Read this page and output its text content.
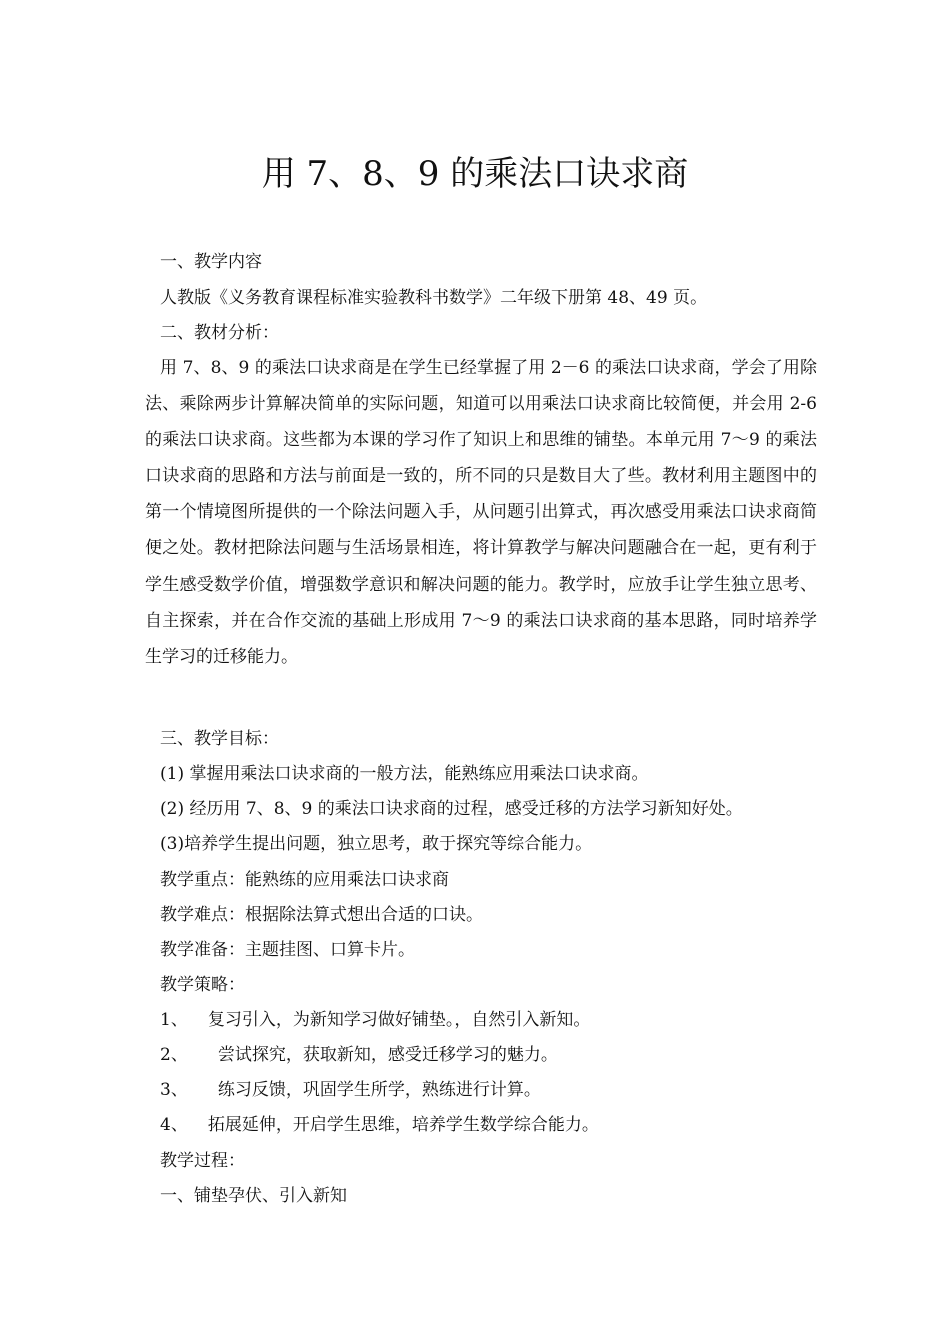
用 7、8、9 的乘法口诀求商
一、教学内容
人教版《义务教育课程标准实验教科书数学》二年级下册第 48、49 页。
二、教材分析：
用 7、8、9 的乘法口诀求商是在学生已经掌握了用 2－6 的乘法口诀求商，学会了用除法、乘除两步计算解决简单的实际问题，知道可以用乘法口诀求商比较简便，并会用 2-6 的乘法口诀求商。这些都为本课的学习作了知识上和思维的铺垫。本单元用 7～9 的乘法口诀求商的思路和方法与前面是一致的，所不同的只是数目大了些。教材利用主题图中的第一个情境图所提供的一个除法问题入手，从问题引出算式，再次感受用乘法口诀求商简便之处。教材把除法问题与生活场景相连，将计算教学与解决问题融合在一起，更有利于学生感受数学价值，增强数学意识和解决问题的能力。教学时，应放手让学生独立思考、自主探索，并在合作交流的基础上形成用 7～9 的乘法口诀求商的基本思路，同时培养学生学习的迁移能力。
三、教学目标：
(1) 掌握用乘法口诀求商的一般方法，能熟练应用乘法口诀求商。
(2) 经历用 7、8、9 的乘法口诀求商的过程，感受迁移的方法学习新知好处。
(3)培养学生提出问题，独立思考，敢于探究等综合能力。
教学重点：能熟练的应用乘法口诀求商
教学难点：根据除法算式想出合适的口诀。
教学准备：主题挂图、口算卡片。
教学策略：
1、 复习引入，为新知学习做好铺垫。，自然引入新知。
2、 尝试探究，获取新知，感受迁移学习的魅力。
3、 练习反馈，巩固学生所学，熟练进行计算。
4、 拓展延伸，开启学生思维，培养学生数学综合能力。
教学过程：
一、铺垫孕伏、引入新知
